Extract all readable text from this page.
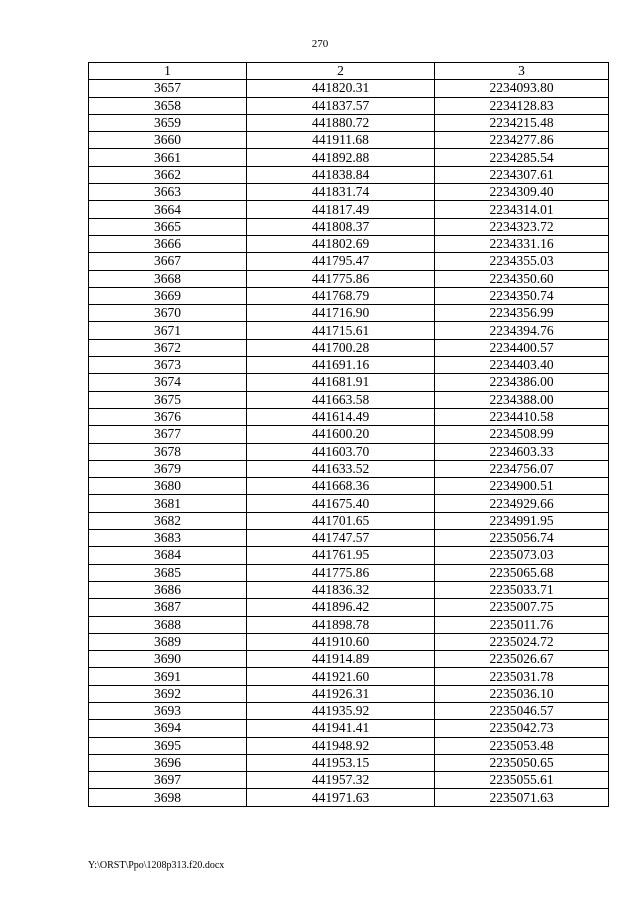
270
1	2	3
3657	441820.31	2234093.80
3658	441837.57	2234128.83
3659	441880.72	2234215.48
3660	441911.68	2234277.86
3661	441892.88	2234285.54
3662	441838.84	2234307.61
3663	441831.74	2234309.40
3664	441817.49	2234314.01
3665	441808.37	2234323.72
3666	441802.69	2234331.16
3667	441795.47	2234355.03
3668	441775.86	2234350.60
3669	441768.79	2234350.74
3670	441716.90	2234356.99
3671	441715.61	2234394.76
3672	441700.28	2234400.57
3673	441691.16	2234403.40
3674	441681.91	2234386.00
3675	441663.58	2234388.00
3676	441614.49	2234410.58
3677	441600.20	2234508.99
3678	441603.70	2234603.33
3679	441633.52	2234756.07
3680	441668.36	2234900.51
3681	441675.40	2234929.66
3682	441701.65	2234991.95
3683	441747.57	2235056.74
3684	441761.95	2235073.03
3685	441775.86	2235065.68
3686	441836.32	2235033.71
3687	441896.42	2235007.75
3688	441898.78	2235011.76
3689	441910.60	2235024.72
3690	441914.89	2235026.67
3691	441921.60	2235031.78
3692	441926.31	2235036.10
3693	441935.92	2235046.57
3694	441941.41	2235042.73
3695	441948.92	2235053.48
3696	441953.15	2235050.65
3697	441957.32	2235055.61
3698	441971.63	2235071.63
Y:\ORST\Ppo\1208p313.f20.docx
